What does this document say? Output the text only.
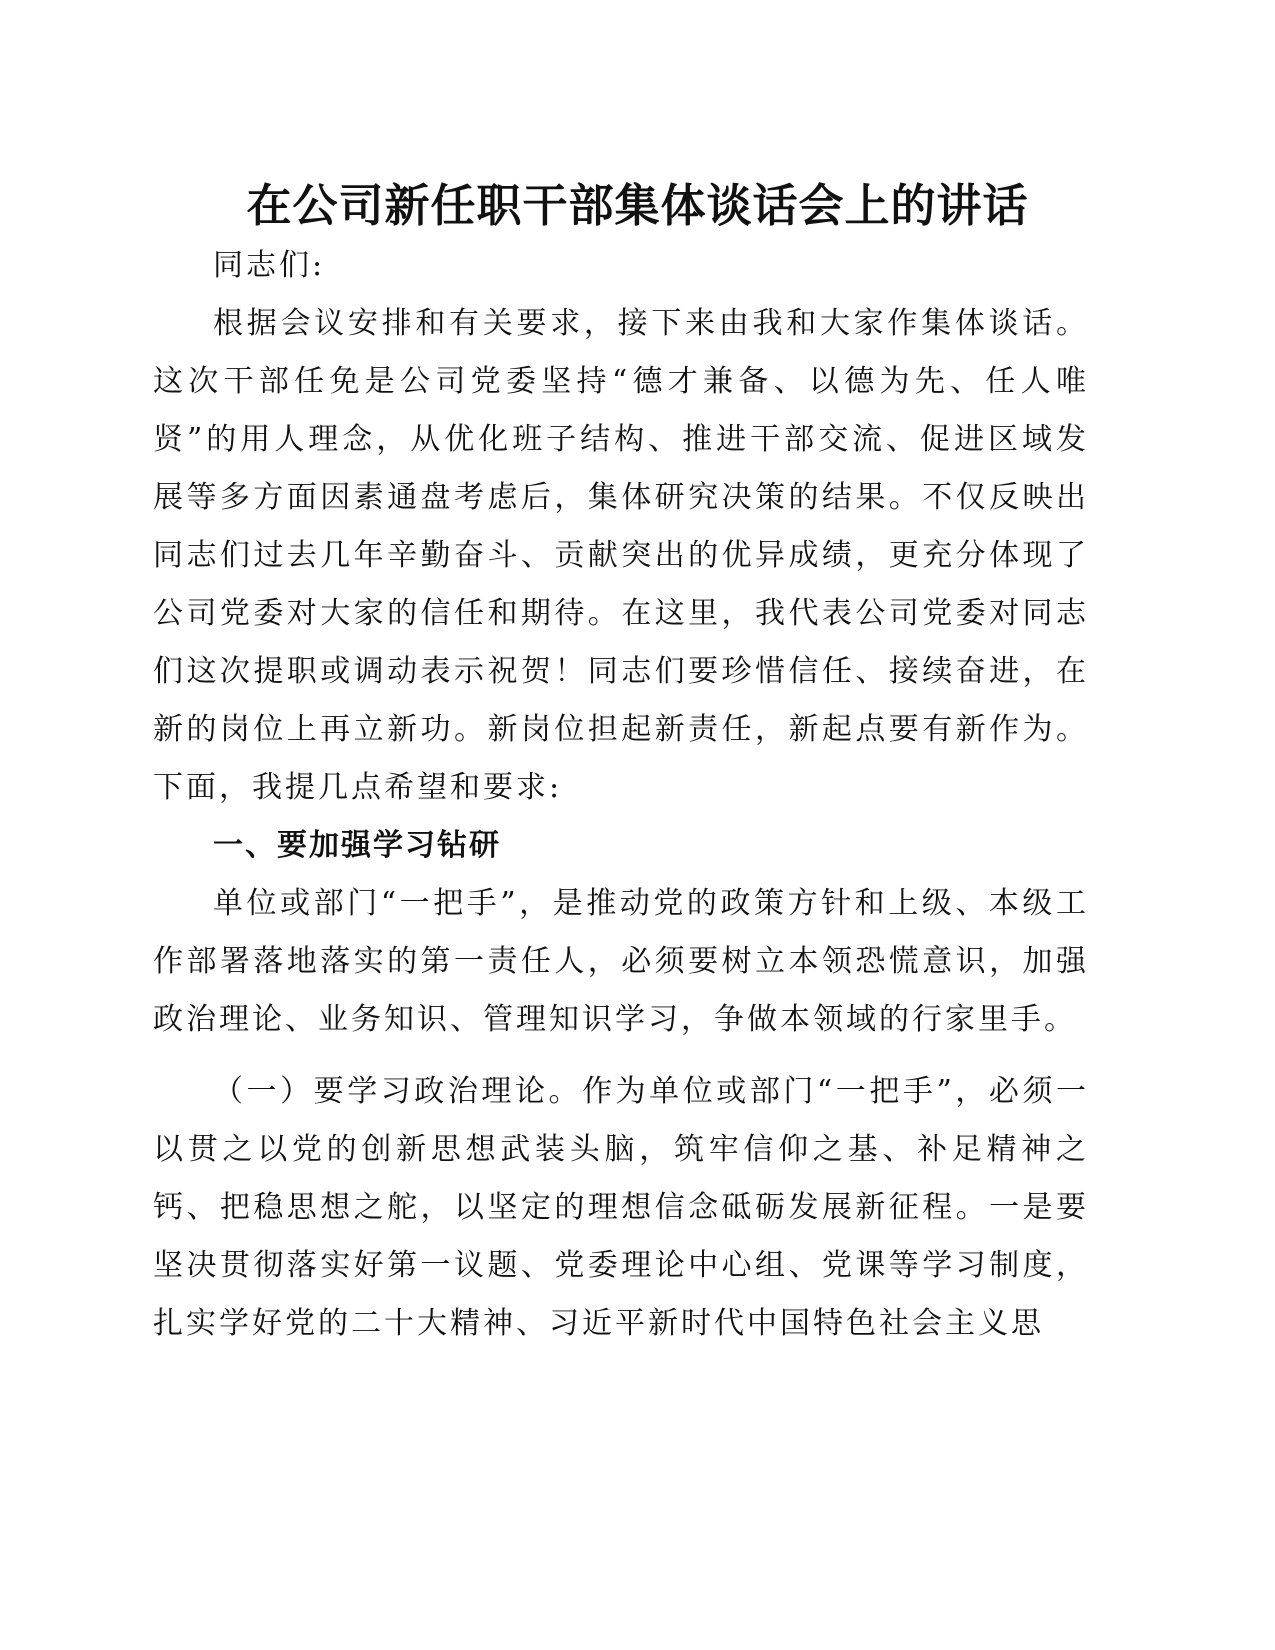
在公司新任职干部集体谈话会上的讲话

同志们:

根据会议安排和有关要求，接下来由我和大家作集体谈话。这次干部任免是公司党委坚持“德才兼备、以德为先、任人唯贤”的用人理念，从优化班子结构、推进干部交流、促进区域发展等多方面因素通盘考虑后，集体研究决策的结果。不仅反映出同志们过去几年辛勤奋斗、贡献突出的优异成绩，更充分体现了公司党委对大家的信任和期待。在这里，我代表公司党委对同志们这次提职或调动表示祝贺！同志们要珍惜信任、接续奋进，在新的岗位上再立新功。新岗位担起新责任，新起点要有新作为。下面，我提几点希望和要求:

一、要加强学习钻研

单位或部门“一把手”，是推动党的政策方针和上级、本级工作部署落地落实的第一责任人，必须要树立本领恐慌意识，加强政治理论、业务知识、管理知识学习，争做本领域的行家里手。

（一）要学习政治理论。作为单位或部门“一把手”，必须一以贯之以党的创新思想武装头脑，筑牢信仰之基、补足精神之钙、把稳思想之舵，以坚定的理想信念砥砺发展新征程。一是要坚决贯彻落实好第一议题、党委理论中心组、党课等学习制度，扎实学好党的二十大精神、习近平新时代中国特色社会主义思
